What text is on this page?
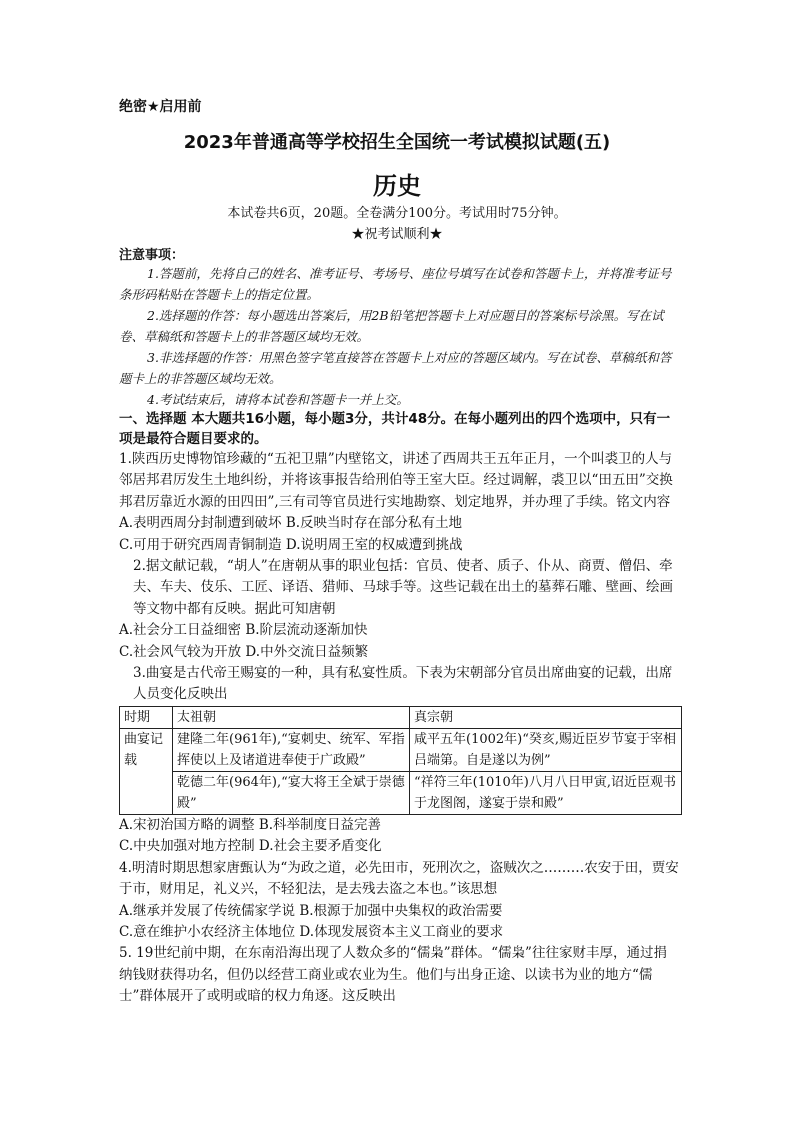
绝密★启用前
2023年普通高等学校招生全国统一考试模拟试题(五)
历史
本试卷共6页，20题。全卷满分100分。考试用时75分钟。
★祝考试顺利★
注意事项：

1.答题前，先将自己的姓名、准考证号、考场号、座位号填写在试卷和答题卡上，并将准考证号条形码粘贴在答题卡上的指定位置。

2.选择题的作答：每小题选出答案后，用2B铅笔把答题卡上对应题目的答案标号涂黑。写在试卷、草稿纸和答题卡上的非答题区域均无效。

3.非选择题的作答：用黑色签字笔直接答在答题卡上对应的答题区域内。写在试卷、草稿纸和答题卡上的非答题区域均无效。

4.考试结束后，请将本试卷和答题卡一并上交。

一、选择题 本大题共16小题，每小题3分，共计48分。在每小题列出的四个选项中，只有一项是最符合题目要求的。

1.陕西历史博物馆珍藏的“五祀卫鼎”内壁铭文，讲述了西周共王五年正月，一个叫裘卫的人与邻居邦君厉发生土地纠纷，并将该事报告给刑伯等王室大臣。经过调解，裘卫以“田五田”交换邦君厉靠近水源的田四田”,三有司等官员进行实地勘察、划定地界，并办理了手续。铭文内容

A.表明西周分封制遭到破坏 B.反映当时存在部分私有土地

C.可用于研究西周青铜制造 D.说明周王室的权威遭到挑战

2.据文献记载，“胡人”在唐朝从事的职业包括：官员、使者、质子、仆从、商贾、僧侣、牵夫、车夫、伎乐、工匠、译语、猎师、马球手等。这些记载在出土的墓葬石雕、壁画、绘画等文物中都有反映。据此可知唐朝

A.社会分工日益细密 B.阶层流动逐渐加快

C.社会风气较为开放 D.中外交流日益频繁

3.曲宴是古代帝王赐宴的一种，具有私宴性质。下表为宋朝部分官员出席曲宴的记载，出席人员变化反映出

时期	太祖朝	真宗朝
曲宴记载	建隆二年(961年),“宴刺史、统军、军指挥使以上及诸道进奉使于广政殿”	咸平五年(1002年)“癸亥,赐近臣岁节宴于宰相吕端第。自是遂以为例”
	乾德二年(964年),“宴大将王全斌于崇德殿”	“祥符三年(1010年)八月八日甲寅,诏近臣观书于龙图阁，遂宴于崇和殿”

A.宋初治国方略的调整 B.科举制度日益完善

C.中央加强对地方控制 D.社会主要矛盾变化

4.明清时期思想家唐甄认为“为政之道，必先田市，死刑次之，盗贼次之………农安于田，贾安于市，财用足，礼义兴，不轻犯法，是去残去盗之本也。”该思想

A.继承并发展了传统儒家学说 B.根源于加强中央集权的政治需要

C.意在维护小农经济主体地位 D.体现发展资本主义工商业的要求

5. 19世纪前中期，在东南沿海出现了人数众多的“儒枭”群体。“儒枭”往往家财丰厚，通过捐纳钱财获得功名，但仍以经营工商业或农业为生。他们与出身正途、以读书为业的地方“儒士”群体展开了或明或暗的权力角逐。这反映出
